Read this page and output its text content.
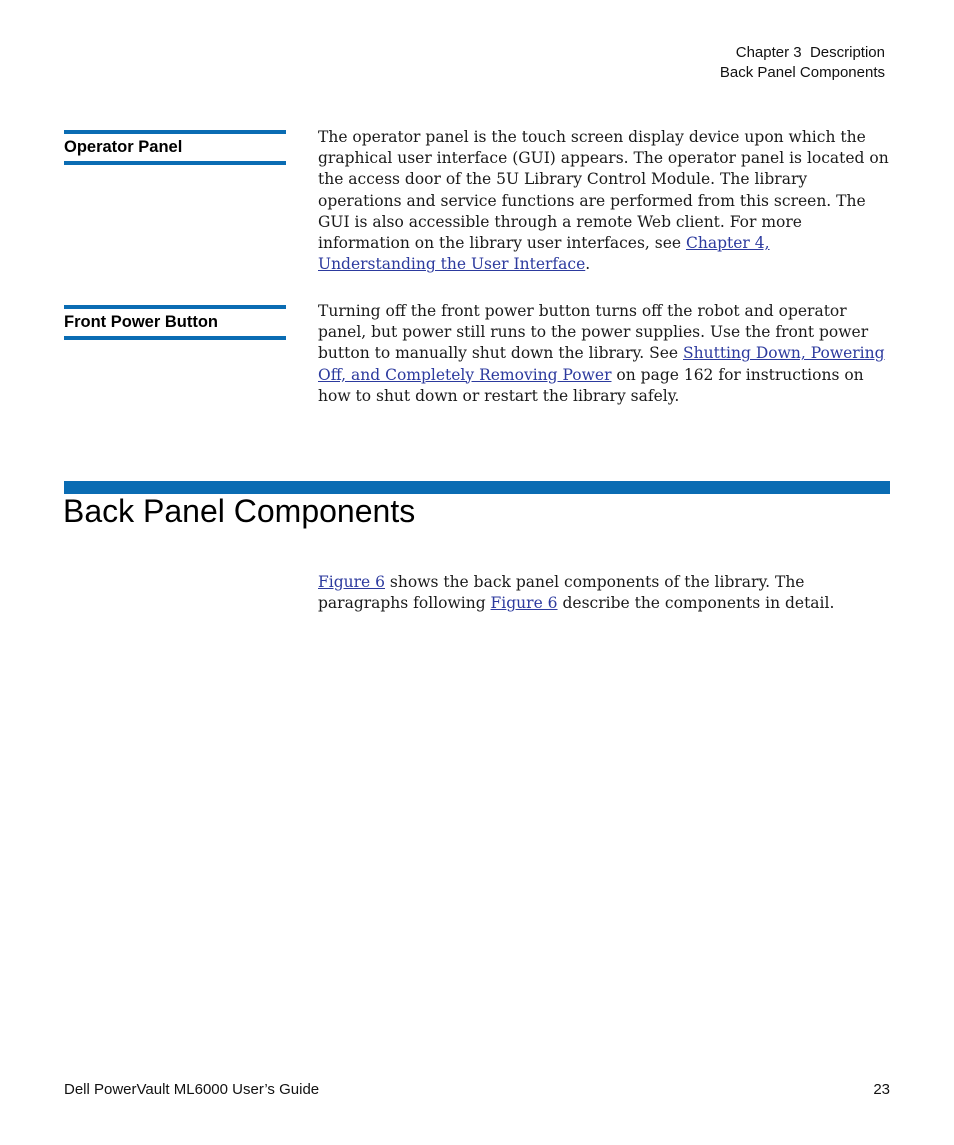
Chapter 3  Description
Back Panel Components
Operator Panel
The operator panel is the touch screen display device upon which the graphical user interface (GUI) appears. The operator panel is located on the access door of the 5U Library Control Module. The library operations and service functions are performed from this screen. The GUI is also accessible through a remote Web client. For more information on the library user interfaces, see Chapter 4, Understanding the User Interface.
Front Power Button
Turning off the front power button turns off the robot and operator panel, but power still runs to the power supplies. Use the front power button to manually shut down the library. See Shutting Down, Powering Off, and Completely Removing Power on page 162 for instructions on how to shut down or restart the library safely.
Back Panel Components
Figure 6 shows the back panel components of the library. The paragraphs following Figure 6 describe the components in detail.
Dell PowerVault ML6000 User’s Guide	23
